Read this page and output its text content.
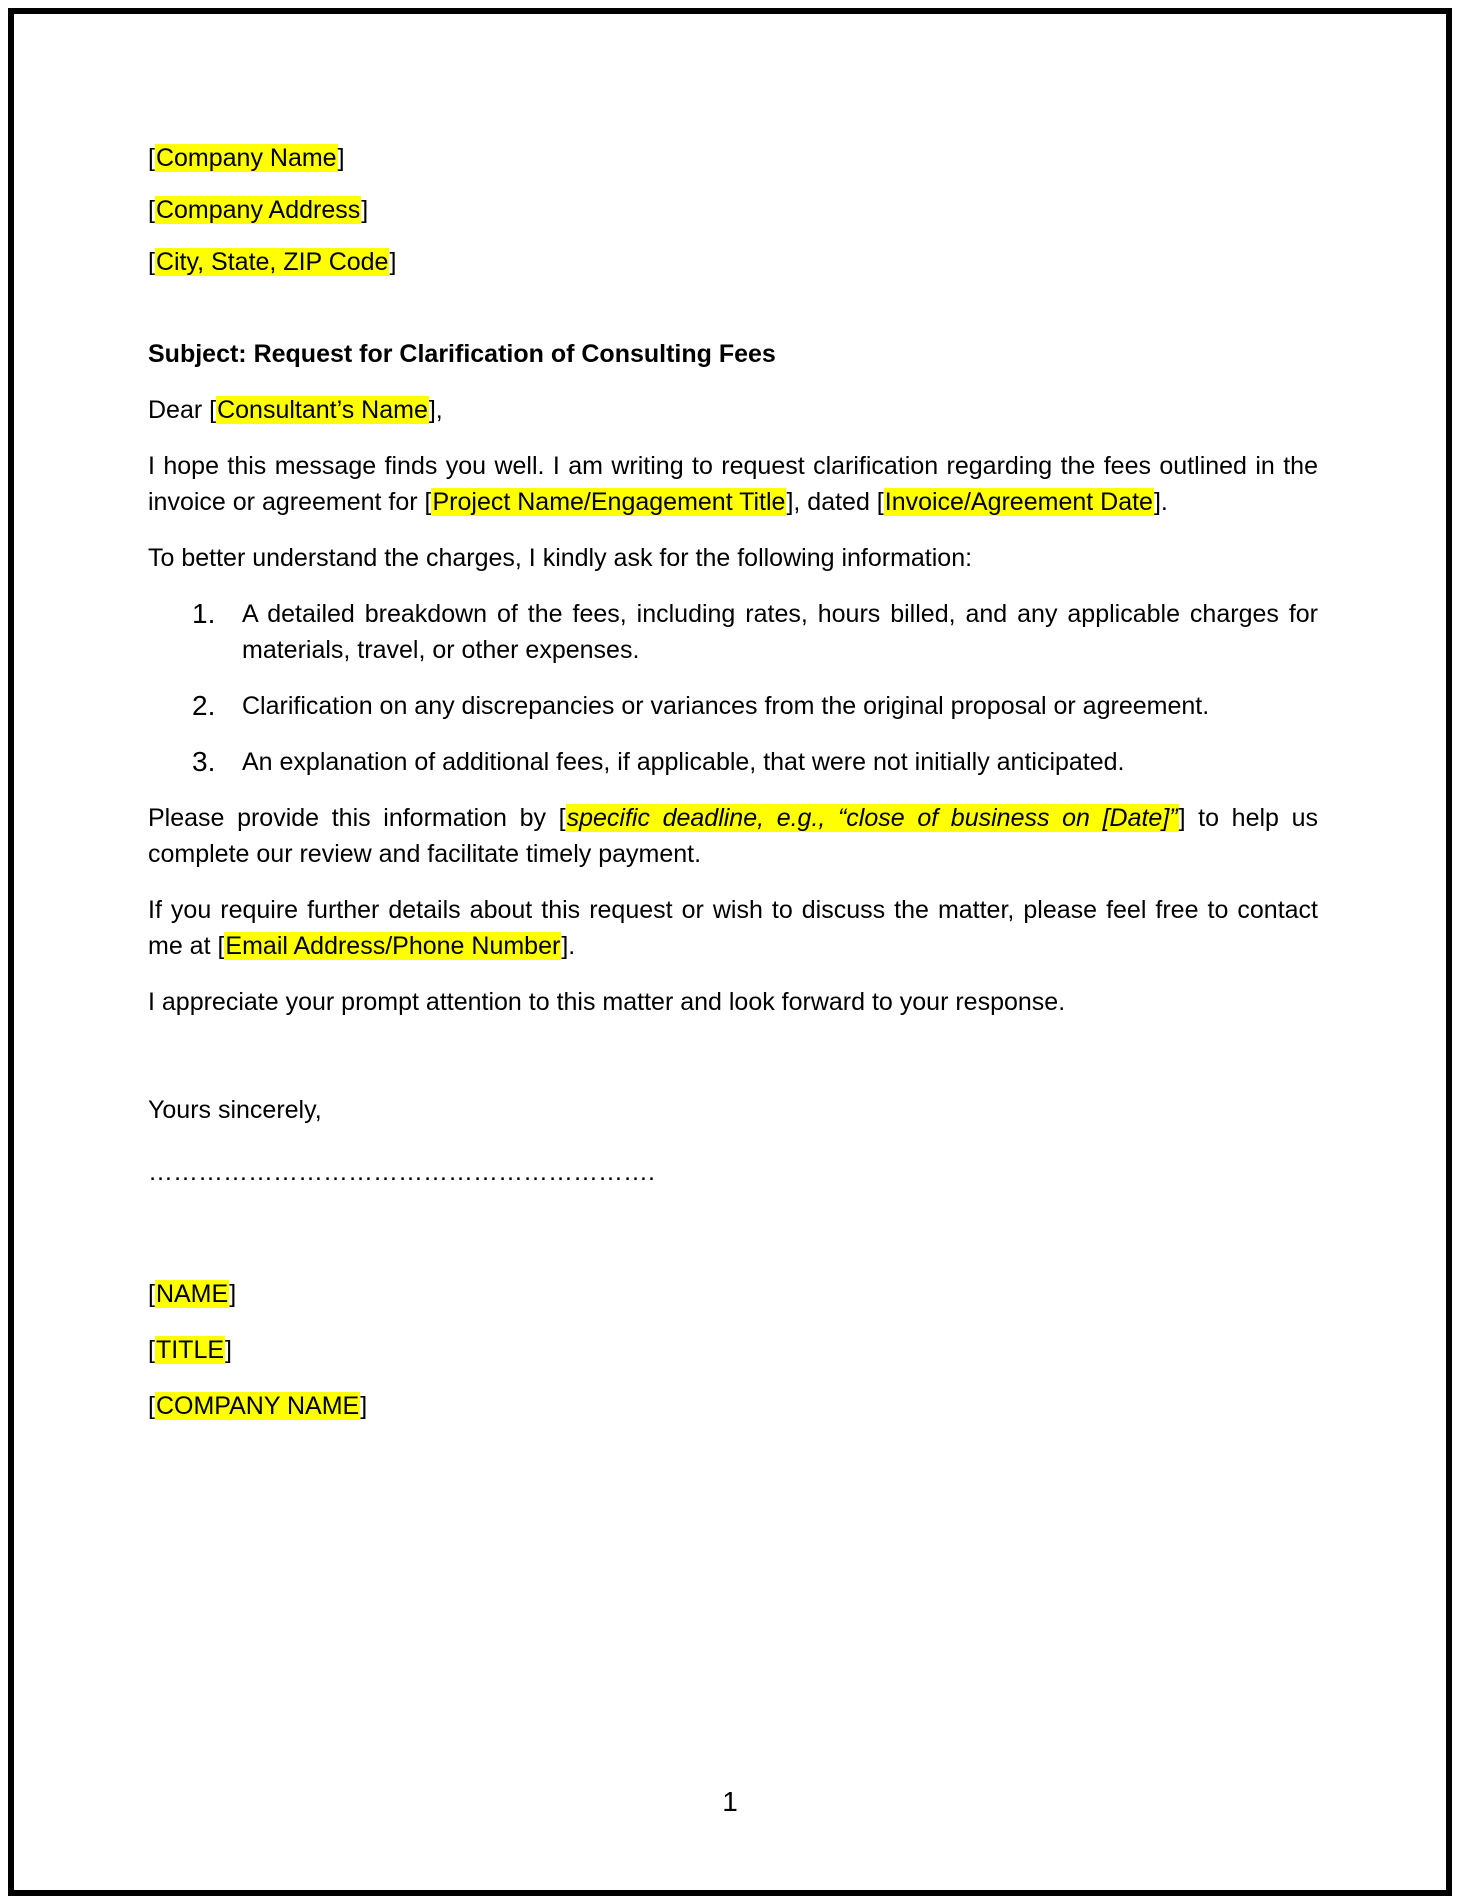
[Company Name]

[Company Address]

[City, State, ZIP Code]

Subject: Request for Clarification of Consulting Fees

Dear [Consultant’s Name],

I hope this message finds you well. I am writing to request clarification regarding the fees outlined in the invoice or agreement for [Project Name/Engagement Title], dated [Invoice/Agreement Date].

To better understand the charges, I kindly ask for the following information:

1.	A detailed breakdown of the fees, including rates, hours billed, and any applicable charges for materials, travel, or other expenses.
2.	Clarification on any discrepancies or variances from the original proposal or agreement.
3.	An explanation of additional fees, if applicable, that were not initially anticipated.

Please provide this information by [specific deadline, e.g., “close of business on [Date]”] to help us complete our review and facilitate timely payment.

If you require further details about this request or wish to discuss the matter, please feel free to contact me at [Email Address/Phone Number].

I appreciate your prompt attention to this matter and look forward to your response.

Yours sincerely,

…………………………………………………….

[NAME]

[TITLE]

[COMPANY NAME]

1
